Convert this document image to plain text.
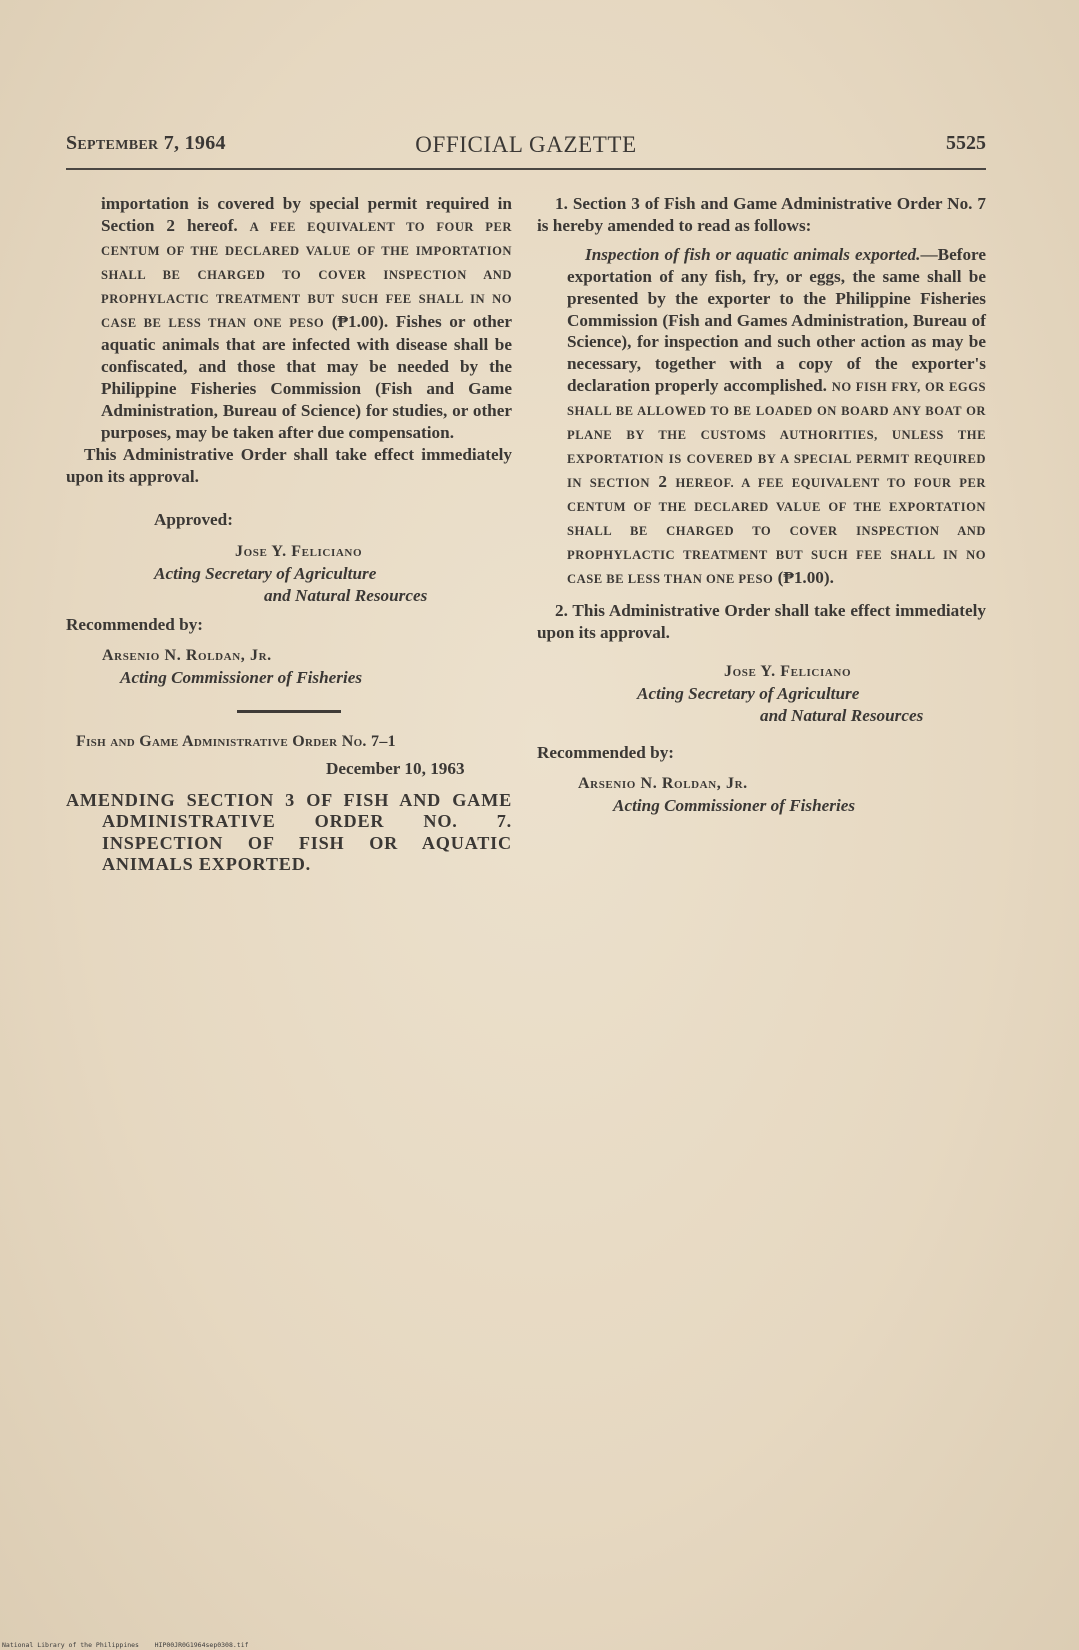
September 7, 1964	OFFICIAL GAZETTE	5525

importation is covered by special permit required in Section 2 hereof. A FEE EQUIVALENT TO FOUR PER CENTUM OF THE DECLARED VALUE OF THE IMPORTATION SHALL BE CHARGED TO COVER INSPECTION AND PROPHYLACTIC TREATMENT BUT SUCH FEE SHALL IN NO CASE BE LESS THAN ONE PESO (₱1.00). Fishes or other aquatic animals that are infected with disease shall be confiscated, and those that may be needed by the Philippine Fisheries Commission (Fish and Game Administration, Bureau of Science) for studies, or other purposes, may be taken after due compensation.

This Administrative Order shall take effect immediately upon its approval.

Approved:
Jose Y. Feliciano
Acting Secretary of Agriculture
and Natural Resources
Recommended by:
Arsenio N. Roldan, Jr.
Acting Commissioner of Fisheries
Fish and Game Administrative Order No. 7–1
December 10, 1963

AMENDING SECTION 3 OF FISH AND GAME ADMINISTRATIVE ORDER NO. 7. INSPECTION OF FISH OR AQUATIC ANIMALS EXPORTED.

1. Section 3 of Fish and Game Administrative Order No. 7 is hereby amended to read as follows:

Inspection of fish or aquatic animals exported.—Before exportation of any fish, fry, or eggs, the same shall be presented by the exporter to the Philippine Fisheries Commission (Fish and Games Administration, Bureau of Science), for inspection and such other action as may be necessary, together with a copy of the exporter's declaration properly accomplished. NO FISH FRY, OR EGGS SHALL BE ALLOWED TO BE LOADED ON BOARD ANY BOAT OR PLANE BY THE CUSTOMS AUTHORITIES, UNLESS THE EXPORTATION IS COVERED BY A SPECIAL PERMIT REQUIRED IN SECTION 2 HEREOF. A FEE EQUIVALENT TO FOUR PER CENTUM OF THE DECLARED VALUE OF THE EXPORTATION SHALL BE CHARGED TO COVER INSPECTION AND PROPHYLACTIC TREATMENT BUT SUCH FEE SHALL IN NO CASE BE LESS THAN ONE PESO (₱1.00).

2. This Administrative Order shall take effect immediately upon its approval.

Jose Y. Feliciano
Acting Secretary of Agriculture
and Natural Resources
Recommended by:
Arsenio N. Roldan, Jr.
Acting Commissioner of Fisheries
National Library of the Philippines    HIP00JR0G1964sep0308.tif
